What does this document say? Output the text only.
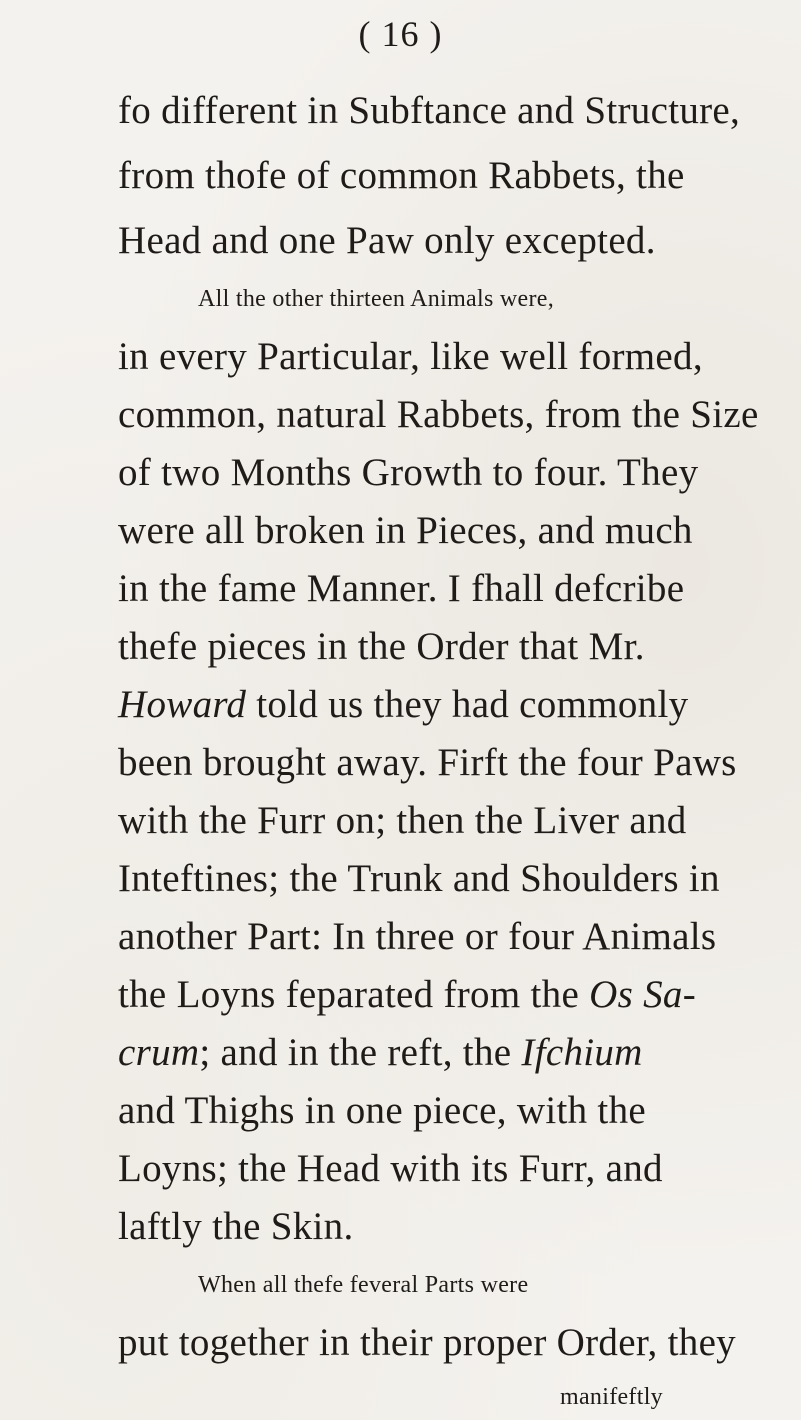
( 16 )
fo different in Subftance and Structure,
from thofe of common Rabbets, the
Head and one Paw only excepted.
All the other thirteen Animals were,
in every Particular, like well formed,
common, natural Rabbets, from the Size
of two Months Growth to four. They
were all broken in Pieces, and much
in the fame Manner. I fhall defcribe
thefe pieces in the Order that Mr.
Howard told us they had commonly
been brought away. Firft the four Paws
with the Furr on; then the Liver and
Inteftines; the Trunk and Shoulders in
another Part: In three or four Animals
the Loyns feparated from the Os Sa-
crum; and in the reft, the Ifchium
and Thighs in one piece, with the
Loyns; the Head with its Furr, and
laftly the Skin.
When all thefe feveral Parts were
put together in their proper Order, they
manifeftly
